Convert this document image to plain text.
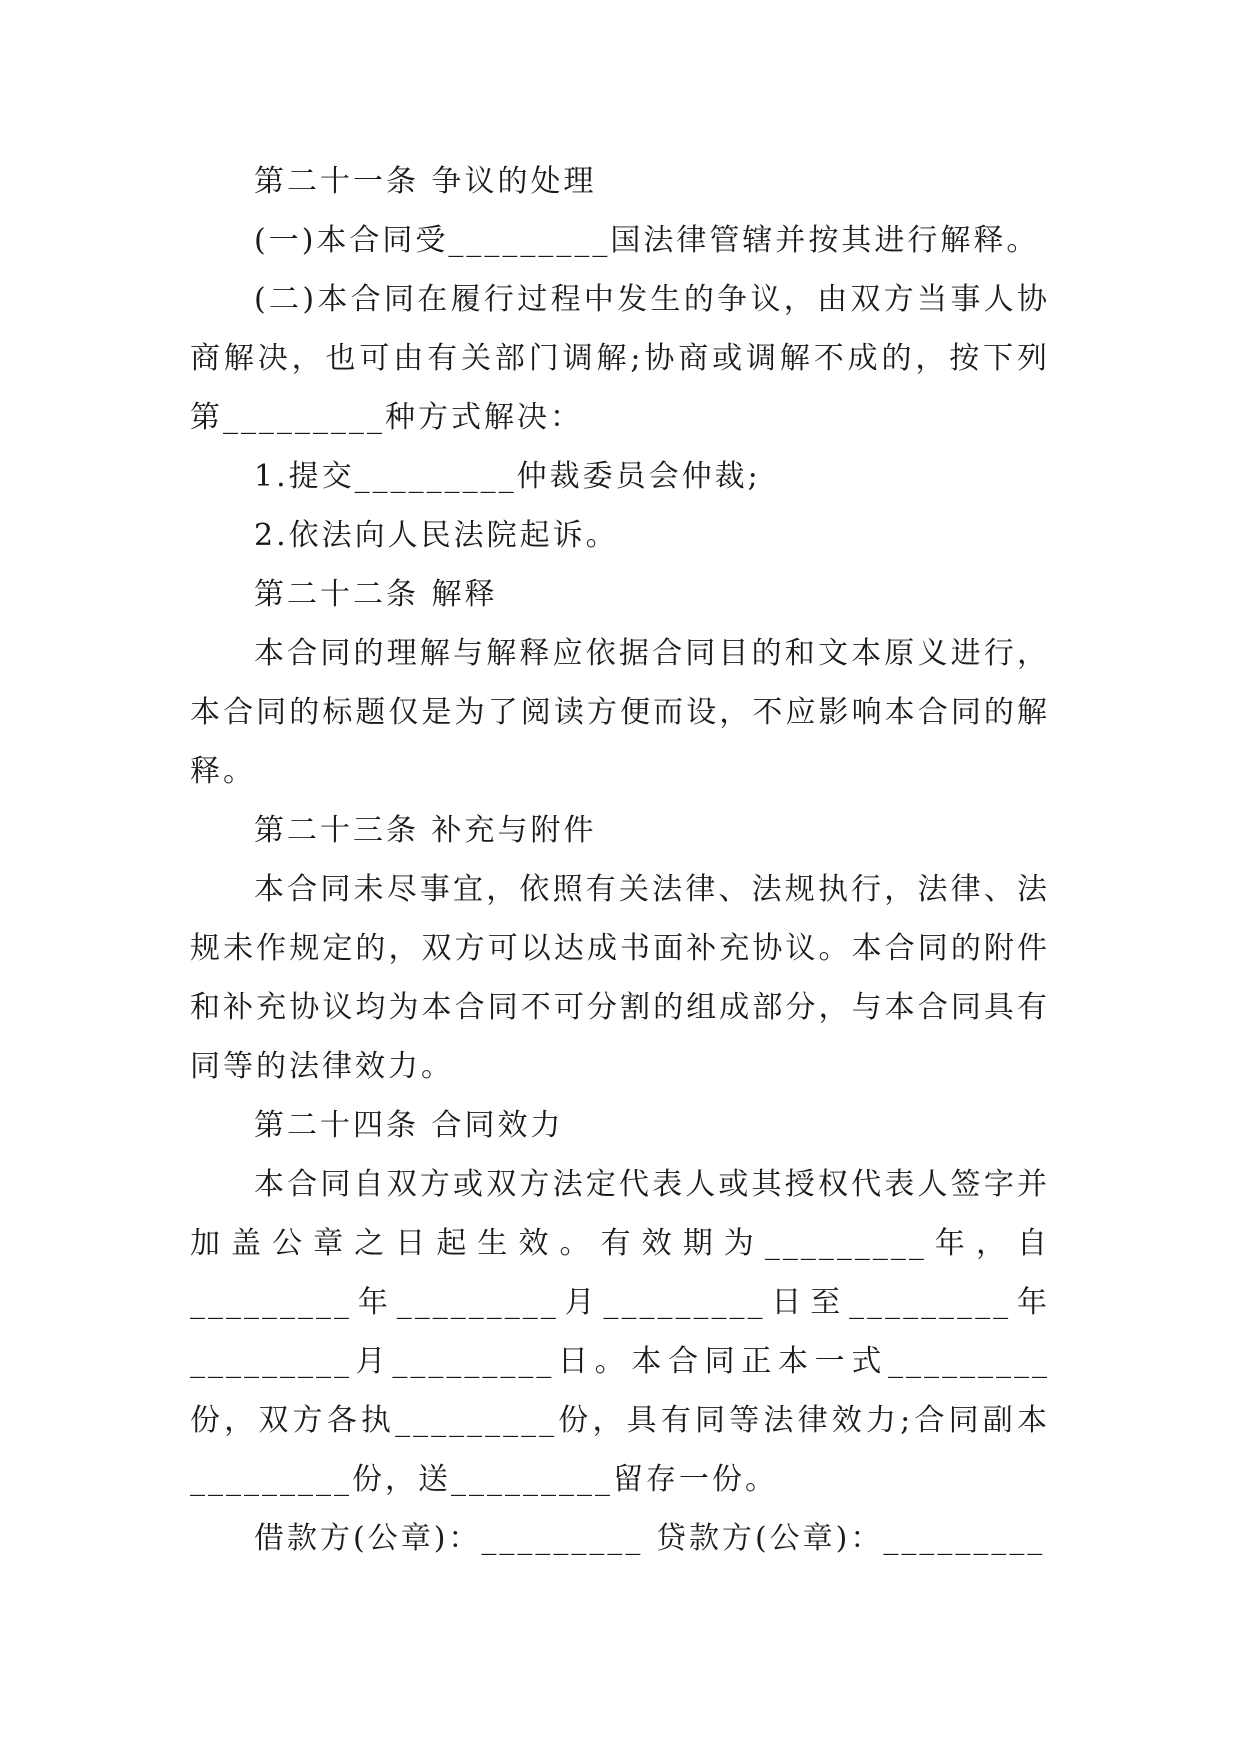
第二十一条 争议的处理

(一)本合同受_________国法律管辖并按其进行解释。

(二)本合同在履行过程中发生的争议，由双方当事人协商解决，也可由有关部门调解;协商或调解不成的，按下列第_________种方式解决：

1.提交_________仲裁委员会仲裁;

2.依法向人民法院起诉。

第二十二条 解释

本合同的理解与解释应依据合同目的和文本原义进行，本合同的标题仅是为了阅读方便而设，不应影响本合同的解释。

第二十三条 补充与附件

本合同未尽事宜，依照有关法律、法规执行，法律、法规未作规定的，双方可以达成书面补充协议。本合同的附件和补充协议均为本合同不可分割的组成部分，与本合同具有同等的法律效力。

第二十四条 合同效力

本合同自双方或双方法定代表人或其授权代表人签字并加盖公章之日起生效。有效期为_________年，自_________年_________月_________日至_________年_________月_________日。本合同正本一式_________份，双方各执_________份，具有同等法律效力;合同副本_________份，送_________留存一份。

借款方(公章)：_________ 贷款方(公章)：_________
